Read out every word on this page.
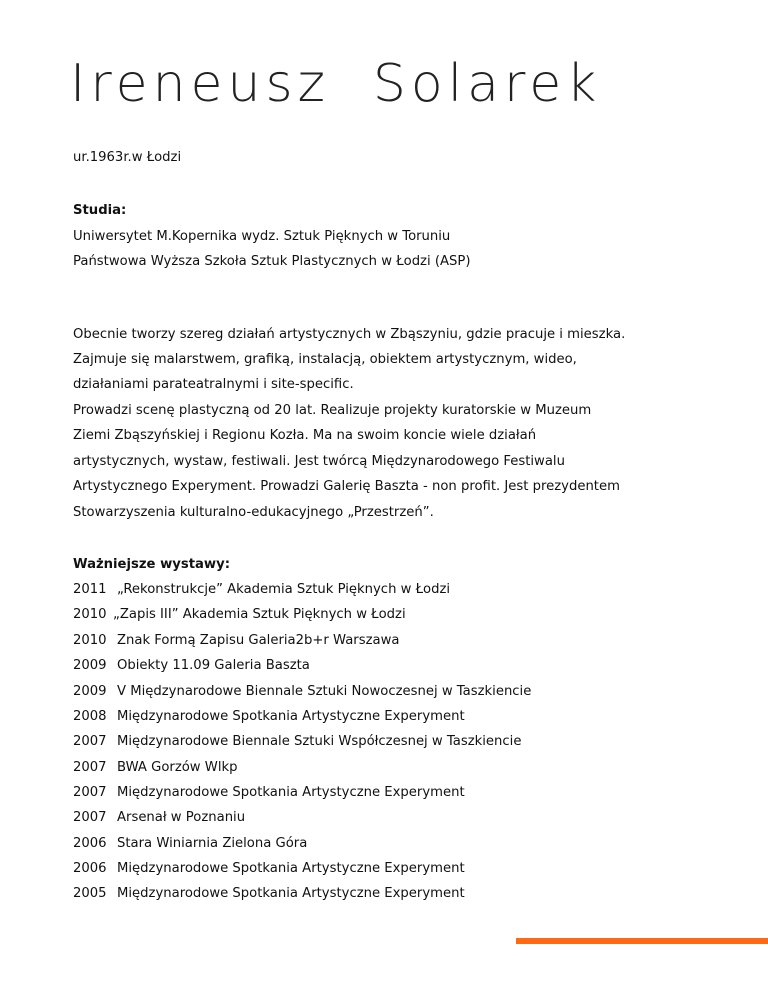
Ireneusz  Solarek
ur.1963r.w Łodzi
Studia:
Uniwersytet M.Kopernika wydz. Sztuk Pięknych w Toruniu
Państwowa Wyższa Szkoła Sztuk Plastycznych w Łodzi (ASP)
Obecnie tworzy szereg działań artystycznych w Zbąszyniu, gdzie pracuje i mieszka.
Zajmuje się malarstwem, grafiką, instalacją, obiektem artystycznym, wideo,
działaniami parateatralnymi i site-specific.
Prowadzi scenę plastyczną od 20 lat. Realizuje projekty kuratorskie w Muzeum
Ziemi Zbąszyńskiej i Regionu Kozła. Ma na swoim koncie wiele działań
artystycznych, wystaw, festiwali. Jest twórcą Międzynarodowego Festiwalu
Artystycznego Experyment. Prowadzi Galerię Baszta - non profit. Jest prezydentem
Stowarzyszenia kulturalno-edukacyjnego „Przestrzeń”.
Ważniejsze wystawy:
2011 „Rekonstrukcje” Akademia Sztuk Pięknych w Łodzi
2010 „Zapis III” Akademia Sztuk Pięknych w Łodzi
2010 Znak Formą Zapisu Galeria2b+r Warszawa
2009 Obiekty 11.09 Galeria Baszta
2009 V Międzynarodowe Biennale Sztuki Nowoczesnej w Taszkiencie
2008 Międzynarodowe Spotkania Artystyczne Experyment
2007 Międzynarodowe Biennale Sztuki Współczesnej w Taszkiencie
2007 BWA Gorzów Wlkp
2007 Międzynarodowe Spotkania Artystyczne Experyment
2007 Arsenał w Poznaniu
2006 Stara Winiarnia Zielona Góra
2006 Międzynarodowe Spotkania Artystyczne Experyment
2005 Międzynarodowe Spotkania Artystyczne Experyment
